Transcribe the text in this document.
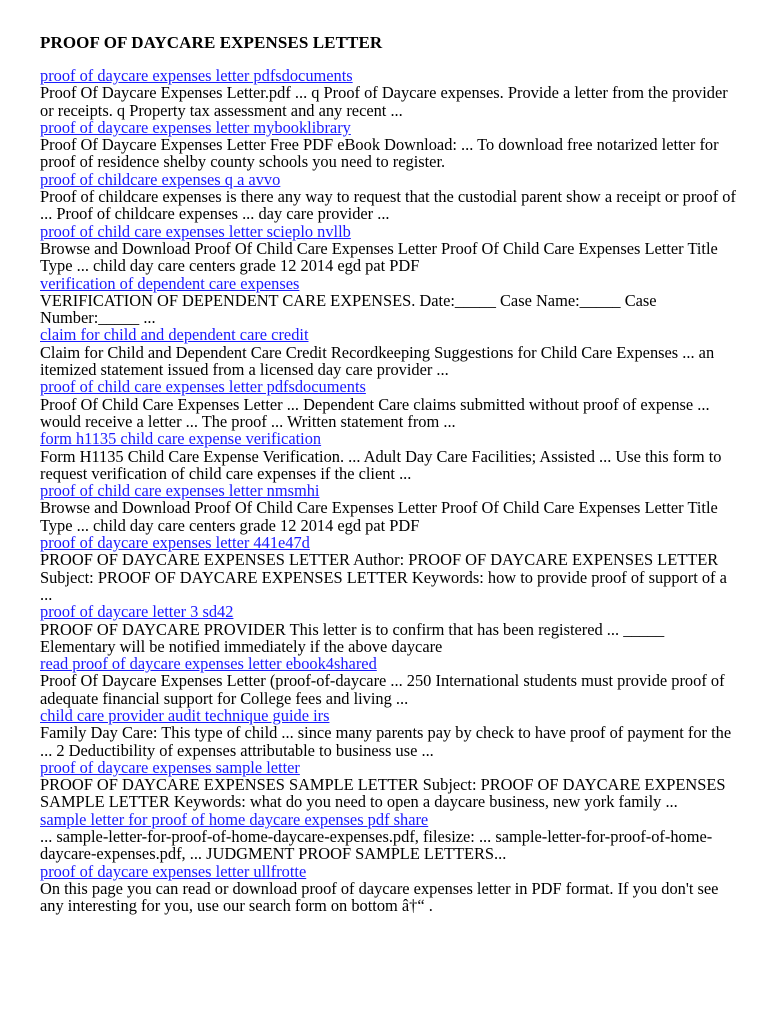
PROOF OF DAYCARE EXPENSES LETTER
proof of daycare expenses letter pdfsdocuments
Proof Of Daycare Expenses Letter.pdf ... q Proof of Daycare expenses. Provide a letter from the provider or receipts. q Property tax assessment and any recent ...
proof of daycare expenses letter mybooklibrary
Proof Of Daycare Expenses Letter Free PDF eBook Download: ... To download free notarized letter for proof of residence shelby county schools you need to register.
proof of childcare expenses q a avvo
Proof of childcare expenses is there any way to request that the custodial parent show a receipt or proof of ... Proof of childcare expenses ... day care provider ...
proof of child care expenses letter scieplo nvllb
Browse and Download Proof Of Child Care Expenses Letter Proof Of Child Care Expenses Letter Title Type ... child day care centers grade 12 2014 egd pat PDF
verification of dependent care expenses
VERIFICATION OF DEPENDENT CARE EXPENSES. Date:_____ Case Name:_____ Case Number:_____ ...
claim for child and dependent care credit
Claim for Child and Dependent Care Credit Recordkeeping Suggestions for Child Care Expenses ... an itemized statement issued from a licensed day care provider ...
proof of child care expenses letter pdfsdocuments
Proof Of Child Care Expenses Letter ... Dependent Care claims submitted without proof of expense ... would receive a letter ... The proof ... Written statement from ...
form h1135 child care expense verification
Form H1135 Child Care Expense Verification. ... Adult Day Care Facilities; Assisted ... Use this form to request verification of child care expenses if the client ...
proof of child care expenses letter nmsmhi
Browse and Download Proof Of Child Care Expenses Letter Proof Of Child Care Expenses Letter Title Type ... child day care centers grade 12 2014 egd pat PDF
proof of daycare expenses letter 441e47d
PROOF OF DAYCARE EXPENSES LETTER Author: PROOF OF DAYCARE EXPENSES LETTER Subject: PROOF OF DAYCARE EXPENSES LETTER Keywords: how to provide proof of support of a ...
proof of daycare letter 3 sd42
PROOF OF DAYCARE PROVIDER This letter is to confirm that has been registered ... _____ Elementary will be notified immediately if the above daycare
read proof of daycare expenses letter ebook4shared
Proof Of Daycare Expenses Letter (proof-of-daycare ... 250 International students must provide proof of adequate financial support for College fees and living ...
child care provider audit technique guide irs
Family Day Care: This type of child ... since many parents pay by check to have proof of payment for the ... 2 Deductibility of expenses attributable to business use ...
proof of daycare expenses sample letter
PROOF OF DAYCARE EXPENSES SAMPLE LETTER Subject: PROOF OF DAYCARE EXPENSES SAMPLE LETTER Keywords: what do you need to open a daycare business, new york family ...
sample letter for proof of home daycare expenses pdf share
... sample-letter-for-proof-of-home-daycare-expenses.pdf, filesize: ... sample-letter-for-proof-of-home-daycare-expenses.pdf, ... JUDGMENT PROOF SAMPLE LETTERS...
proof of daycare expenses letter ullfrotte
On this page you can read or download proof of daycare expenses letter in PDF format. If you don't see any interesting for you, use our search form on bottom â†“ .
